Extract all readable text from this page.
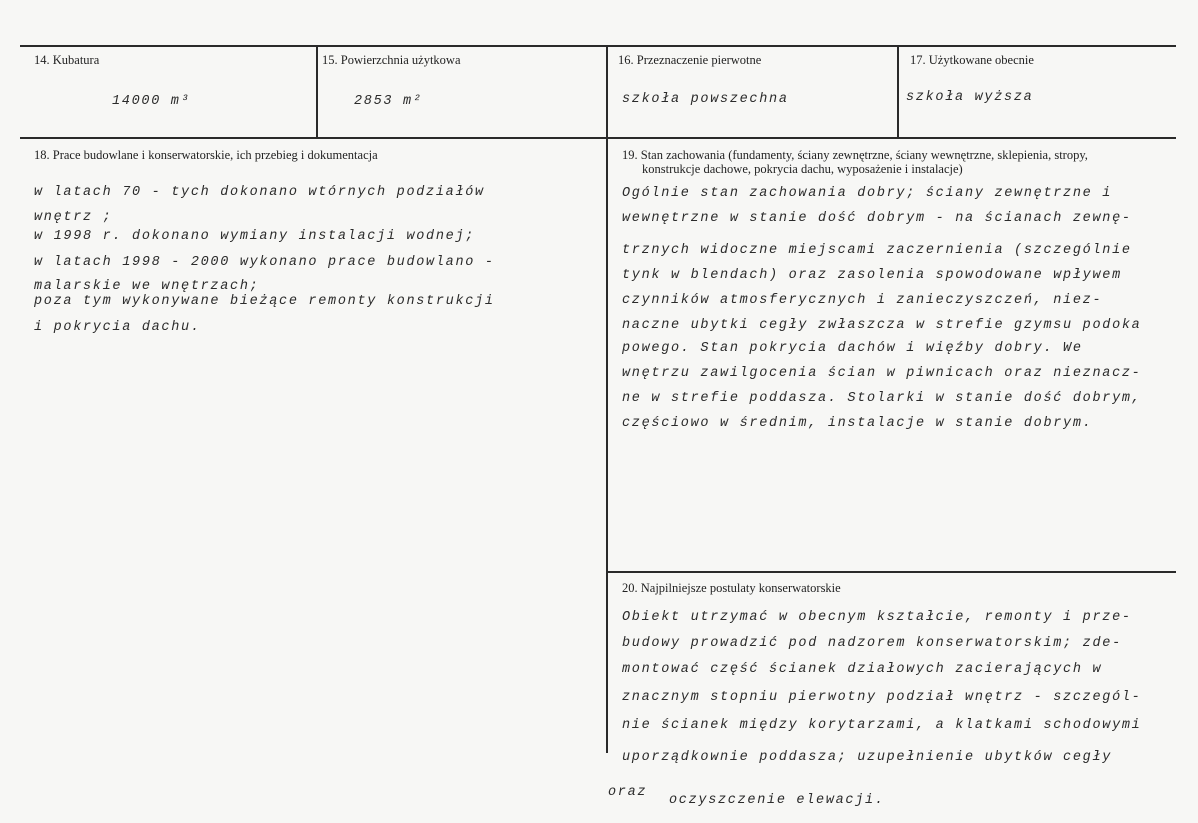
14. Kubatura
14000 m³
15. Powierzchnia użytkowa
2853 m²
16. Przeznaczenie pierwotne
szkoła powszechna
17. Użytkowane obecnie
szkoła wyższa
18. Prace budowlane i konserwatorskie, ich przebieg i dokumentacja
w latach 70 - tych dokonano wtórnych podziałów
wnętrz ;
w 1998 r. dokonano wymiany instalacji wodnej;
w latach 1998 - 2000 wykonano prace budowlano -
malarskie we wnętrzach;
poza tym wykonywane bieżące remonty konstrukcji
i pokrycia dachu.
19. Stan zachowania (fundamenty, ściany zewnętrzne, ściany wewnętrzne, sklepienia, stropy,
konstrukcje dachowe, pokrycia dachu, wyposażenie i instalacje)
Ogólnie stan zachowania dobry; ściany zewnętrzne i
wewnętrzne w stanie dość dobrym - na ścianach zewnę-
trznych widoczne miejscami zaczernienia (szczególnie
tynk w blendach) oraz zasolenia spowodowane wpływem
czynników atmosferycznych i zanieczyszczeń, niez-
naczne ubytki cegły zwłaszcza w strefie gzymsu podoka
powego. Stan pokrycia dachów i więźby dobry. We
wnętrzu zawilgocenia ścian w piwnicach oraz nieznacz-
ne w strefie poddasza. Stolarki w stanie dość dobrym,
częściowo w średnim, instalacje w stanie dobrym.
20. Najpilniejsze postulaty konserwatorskie
Obiekt utrzymać w obecnym kształcie, remonty i prze-
budowy prowadzić pod nadzorem konserwatorskim; zde-
montować część ścianek działowych zacierających w
znacznym stopniu pierwotny podział wnętrz - szczegól-
nie ścianek między korytarzami, a klatkami schodowymi
uporządkownie poddasza; uzupełnienie ubytków cegły
oraz
oczyszczenie elewacji.
